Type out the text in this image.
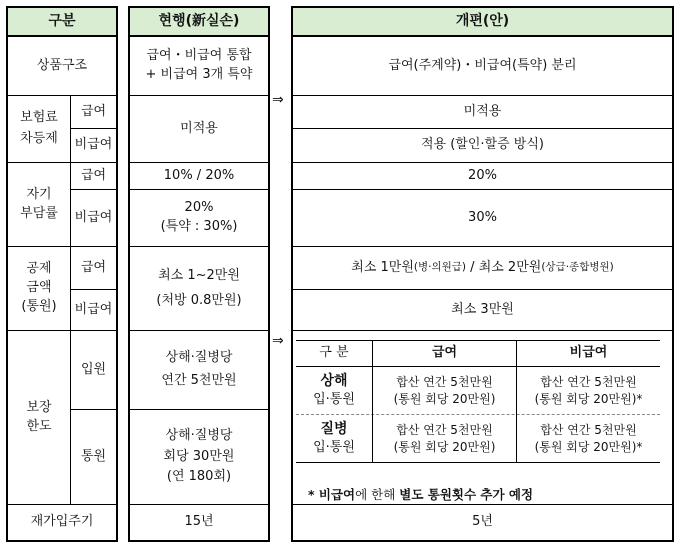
구분
상품구조
보험료
차등제
급여
비급여
자기
부담률
급여
비급여
공제
금액
(통원)
급여
비급여
보장
한도
입원
통원
재가입주기
현행(新실손)
급여・비급여 통합
+ 비급여 3개 특약
미적용
10% / 20%
20%
(특약 : 30%)
최소 1~2만원
(처방 0.8만원)
상해·질병당
연간 5천만원
상해·질병당
회당 30만원
(연 180회)
15년
⇒
⇒
개편(안)
급여(주계약)・비급여(특약) 분리
미적용
적용 (할인·할증 방식)
20%
30%
최소 1만원 (병·의원급) / 최소 2만원 (상급·종합병원)
최소 3만원
구 분	급여	비급여
상해
입·통원
합산 연간 5천만원
(통원 회당 20만원)
합산 연간 5천만원
(통원 회당 20만원)*
질병
입·통원
합산 연간 5천만원
(통원 회당 20만원)
합산 연간 5천만원
(통원 회당 20만원)*

* 비급여에 한해 별도 통원횟수 추가 예정

5년
